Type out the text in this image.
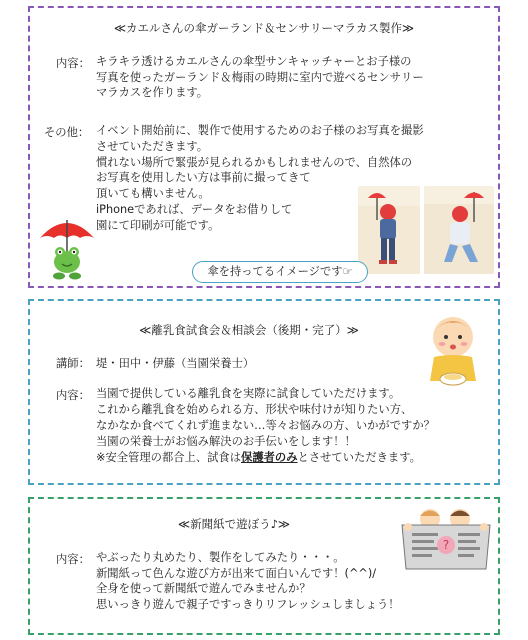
≪カエルさんの傘ガーランド＆センサリーマラカス製作≫
内容： キラキラ透けるカエルさんの傘型サンキャッチャーとお子様の
写真を使ったガーランド＆梅雨の時期に室内で遊べるセンサリー
マラカスを作ります。
その他： イベント開始前に、製作で使用するためのお子様のお写真を撮影
させていただきます。
慣れない場所で緊張が見られるかもしれませんので、自然体の
お写真を使用したい方は事前に撮ってきて
頂いても構いません。
iPhoneであれば、データをお借りして
園にて印刷が可能です。
傘を持ってるイメージです☞
≪離乳食試食会＆相談会（後期・完了）≫
講師： 堤・田中・伊藤（当園栄養士）
内容： 当園で提供している離乳食を実際に試食していただけます。
これから離乳食を始められる方、形状や味付けが知りたい方、
なかなか食べてくれず進まない…等々お悩みの方、いかがですか？
当園の栄養士がお悩み解決のお手伝いをします！！
※安全管理の都合上、試食は保護者のみとさせていただきます。
≪新聞紙で遊ぼう♪≫
内容： やぶったり丸めたり、製作をしてみたり・・・。
新聞紙って色んな遊び方が出来て面白いんです！(^^)/
全身を使って新聞紙で遊んでみませんか？
思いっきり遊んで親子ですっきりリフレッシュしましょう！
?
